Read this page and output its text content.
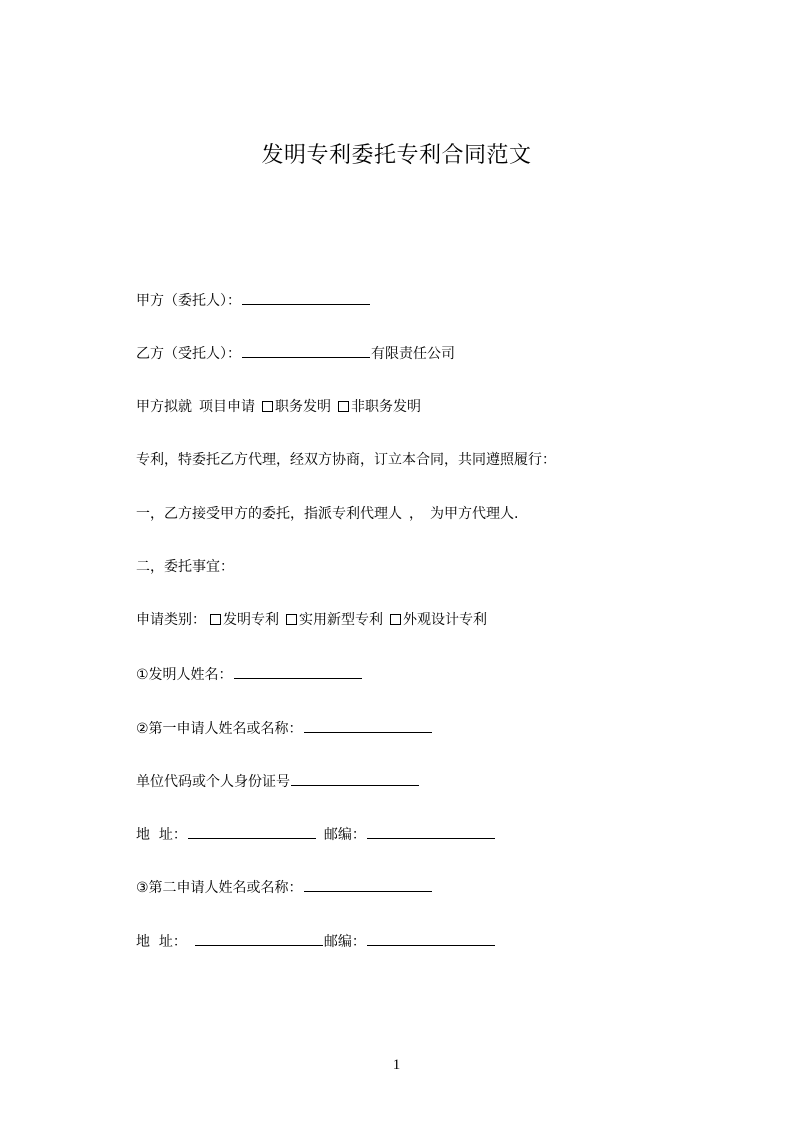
发明专利委托专利合同范文
甲方（委托人）：
乙方（受托人）：	有限责任公司
甲方拟就 项目申请 职务发明 非职务发明
专利，特委托乙方代理，经双方协商，订立本合同，共同遵照履行：
一，乙方接受甲方的委托，指派专利代理人 ， 为甲方代理人.
二，委托事宜：
申请类别： 发明专利 实用新型专利 外观设计专利
①发明人姓名：
②第一申请人姓名或名称：
单位代码或个人身份证号
地  址：	邮编：
③第二申请人姓名或名称：
地  址：	邮编：
1
